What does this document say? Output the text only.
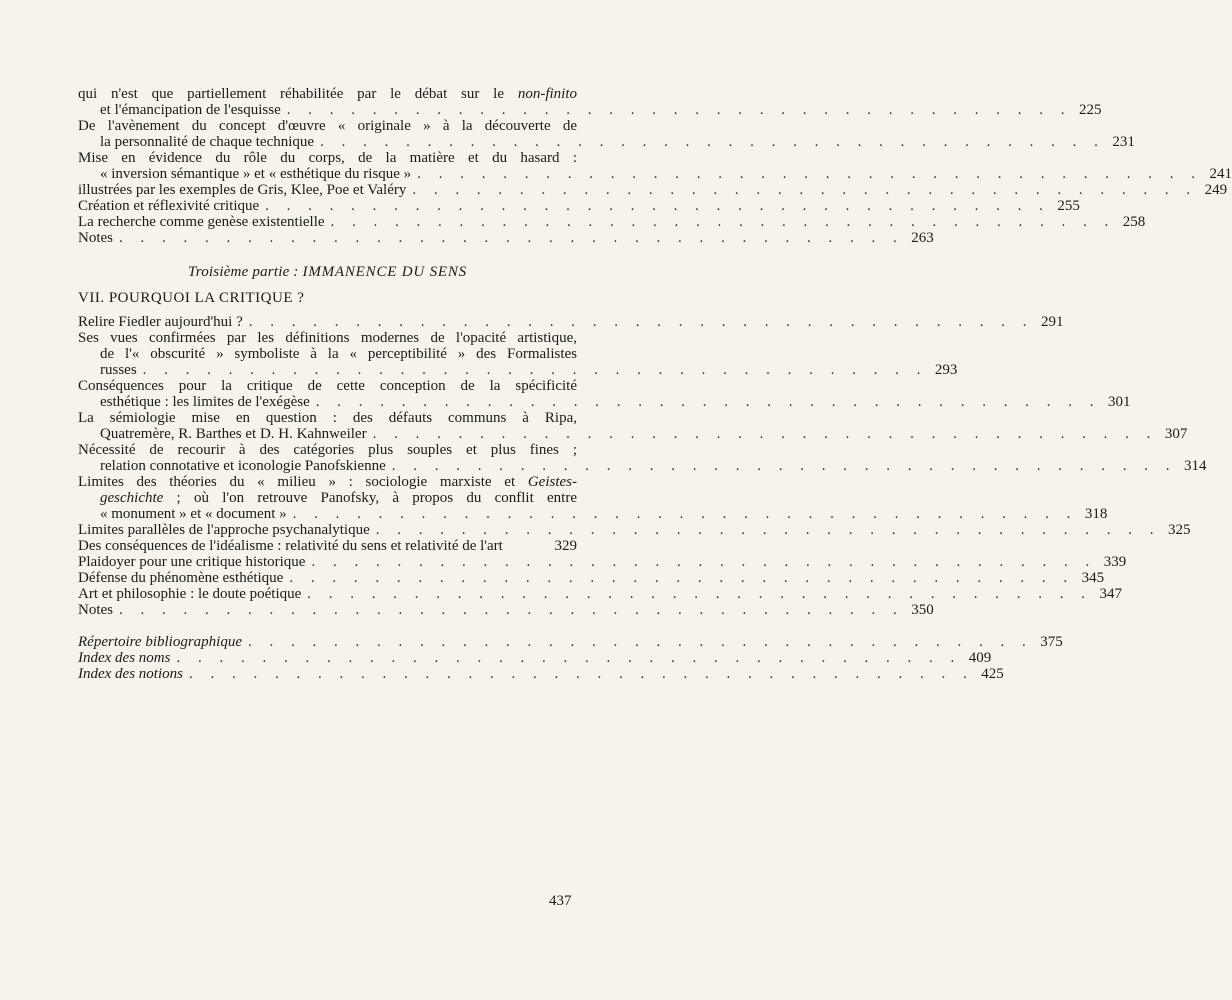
qui n'est que partiellement réhabilitée par le débat sur le non-finito
et l'émancipation de l'esquisse . . . . . . . . . . . . . . . . . . . . . . . . . . . . . . . . . . . . . 225
De l'avènement du concept d'œuvre « originale » à la découverte de
la personnalité de chaque technique . . . . . . . . . . . . . . . . . . . . . . . . . . . . . . . . . . . . . 231
Mise en évidence du rôle du corps, de la matière et du hasard :
« inversion sémantique » et « esthétique du risque » . . . . . . . . . . . . . . . . . . . . . . . . . . . . . . . . . . . . . 241
illustrées par les exemples de Gris, Klee, Poe et Valéry . . . . . . . . . . . . . . . . . . . . . . . . . . . . . . . . . . . . . 249
Création et réflexivité critique . . . . . . . . . . . . . . . . . . . . . . . . . . . . . . . . . . . . . 255
La recherche comme genèse existentielle . . . . . . . . . . . . . . . . . . . . . . . . . . . . . . . . . . . . . 258
Notes . . . . . . . . . . . . . . . . . . . . . . . . . . . . . . . . . . . . . 263
Troisième partie : IMMANENCE DU SENS
VII. POURQUOI LA CRITIQUE ?
Relire Fiedler aujourd'hui ? . . . . . . . . . . . . . . . . . . . . . . . . . . . . . . . . . . . . . 291
Ses vues confirmées par les définitions modernes de l'opacité artistique,
de l'« obscurité » symboliste à la « perceptibilité » des Formalistes
russes . . . . . . . . . . . . . . . . . . . . . . . . . . . . . . . . . . . . . 293
Conséquences pour la critique de cette conception de la spécificité
esthétique : les limites de l'exégèse . . . . . . . . . . . . . . . . . . . . . . . . . . . . . . . . . . . . . 301
La sémiologie mise en question : des défauts communs à Ripa,
Quatremère, R. Barthes et D. H. Kahnweiler . . . . . . . . . . . . . . . . . . . . . . . . . . . . . . . . . . . . . 307
Nécessité de recourir à des catégories plus souples et plus fines ;
relation connotative et iconologie Panofskienne . . . . . . . . . . . . . . . . . . . . . . . . . . . . . . . . . . . . . 314
Limites des théories du « milieu » : sociologie marxiste et Geistes-
geschichte ; où l'on retrouve Panofsky, à propos du conflit entre
« monument » et « document » . . . . . . . . . . . . . . . . . . . . . . . . . . . . . . . . . . . . . 318
Limites parallèles de l'approche psychanalytique . . . . . . . . . . . . . . . . . . . . . . . . . . . . . . . . . . . . . 325
Des conséquences de l'idéalisme : relativité du sens et relativité de l'art	329
Plaidoyer pour une critique historique . . . . . . . . . . . . . . . . . . . . . . . . . . . . . . . . . . . . . 339
Défense du phénomène esthétique . . . . . . . . . . . . . . . . . . . . . . . . . . . . . . . . . . . . . 345
Art et philosophie : le doute poétique . . . . . . . . . . . . . . . . . . . . . . . . . . . . . . . . . . . . . 347
Notes . . . . . . . . . . . . . . . . . . . . . . . . . . . . . . . . . . . . . 350
Répertoire bibliographique . . . . . . . . . . . . . . . . . . . . . . . . . . . . . . . . . . . . . 375
Index des noms . . . . . . . . . . . . . . . . . . . . . . . . . . . . . . . . . . . . . 409
Index des notions . . . . . . . . . . . . . . . . . . . . . . . . . . . . . . . . . . . . . 425
437
